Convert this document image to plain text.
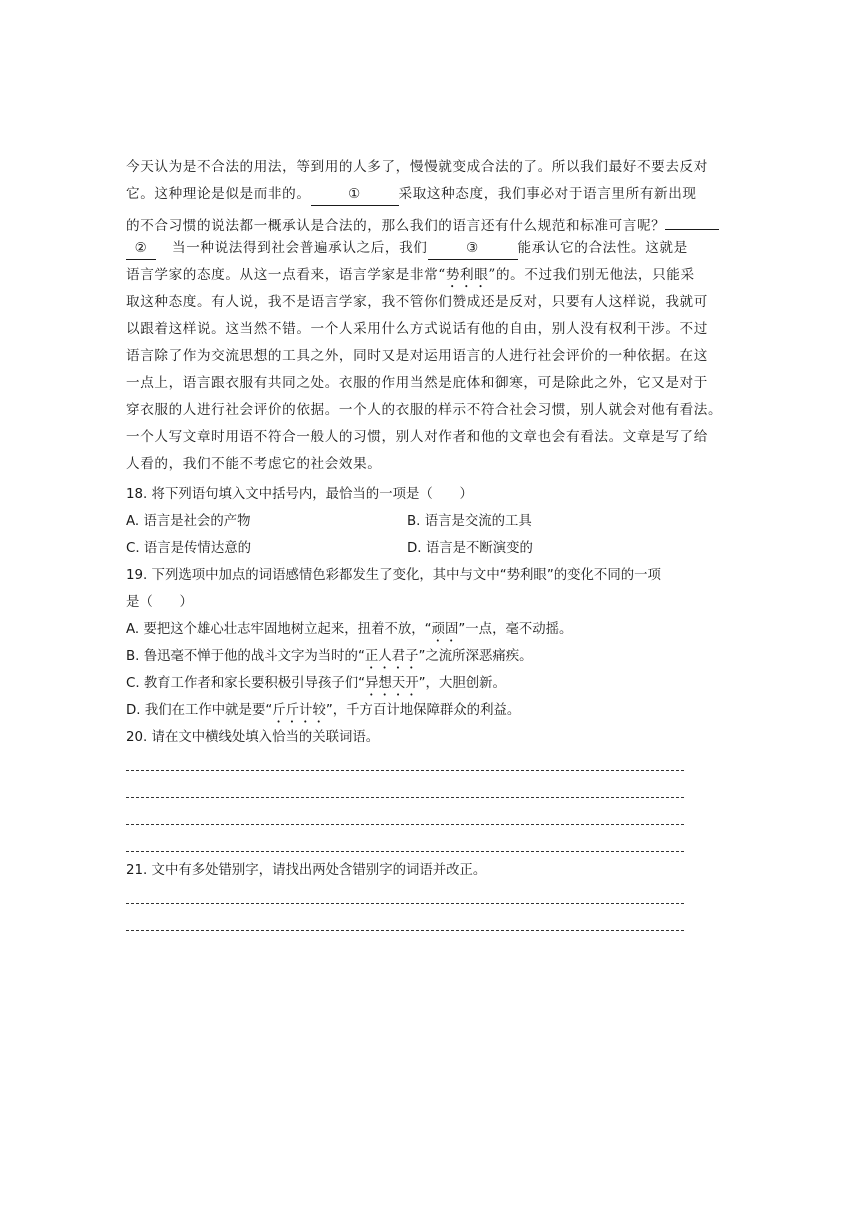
今天认为是不合法的用法，等到用的人多了，慢慢就变成合法的了。所以我们最好不要去反对
它。这种理论是似是而非的。	①	采取这种态度，我们事必对于语言里所有新出现
的不合习惯的说法都一概承认是合法的，那么我们的语言还有什么规范和标准可言呢？
② 当一种说法得到社会普遍承认之后，我们	③	能承认它的合法性。这就是
语言学家的态度。从这一点看来，语言学家是非常“势利眼”的。不过我们别无他法，只能采
取这种态度。有人说，我不是语言学家，我不管你们赞成还是反对，只要有人这样说，我就可
以跟着这样说。这当然不错。一个人采用什么方式说话有他的自由，别人没有权利干涉。不过
语言除了作为交流思想的工具之外，同时又是对运用语言的人进行社会评价的一种依据。在这
一点上，语言跟衣服有共同之处。衣服的作用当然是庇体和御寒，可是除此之外，它又是对于
穿衣服的人进行社会评价的依据。一个人的衣服的样示不符合社会习惯，别人就会对他有看法。
一个人写文章时用语不符合一般人的习惯，别人对作者和他的文章也会有看法。文章是写了给
人看的，我们不能不考虑它的社会效果。
18. 将下列语句填入文中括号内，最恰当的一项是（　　）
A. 语言是社会的产物	B. 语言是交流的工具
C. 语言是传情达意的	D. 语言是不断演变的
19. 下列选项中加点的词语感情色彩都发生了变化，其中与文中“势利眼”的变化不同的一项
是（　　）
A. 要把这个雄心壮志牢固地树立起来，扭着不放，“顽固”一点，毫不动摇。
B. 鲁迅毫不惮于他的战斗文字为当时的“正人君子”之流所深恶痛疾。
C. 教育工作者和家长要积极引导孩子们“异想天开”，大胆创新。
D. 我们在工作中就是要“斤斤计较”，千方百计地保障群众的利益。
20. 请在文中横线处填入恰当的关联词语。
21. 文中有多处错别字，请找出两处含错别字的词语并改正。
